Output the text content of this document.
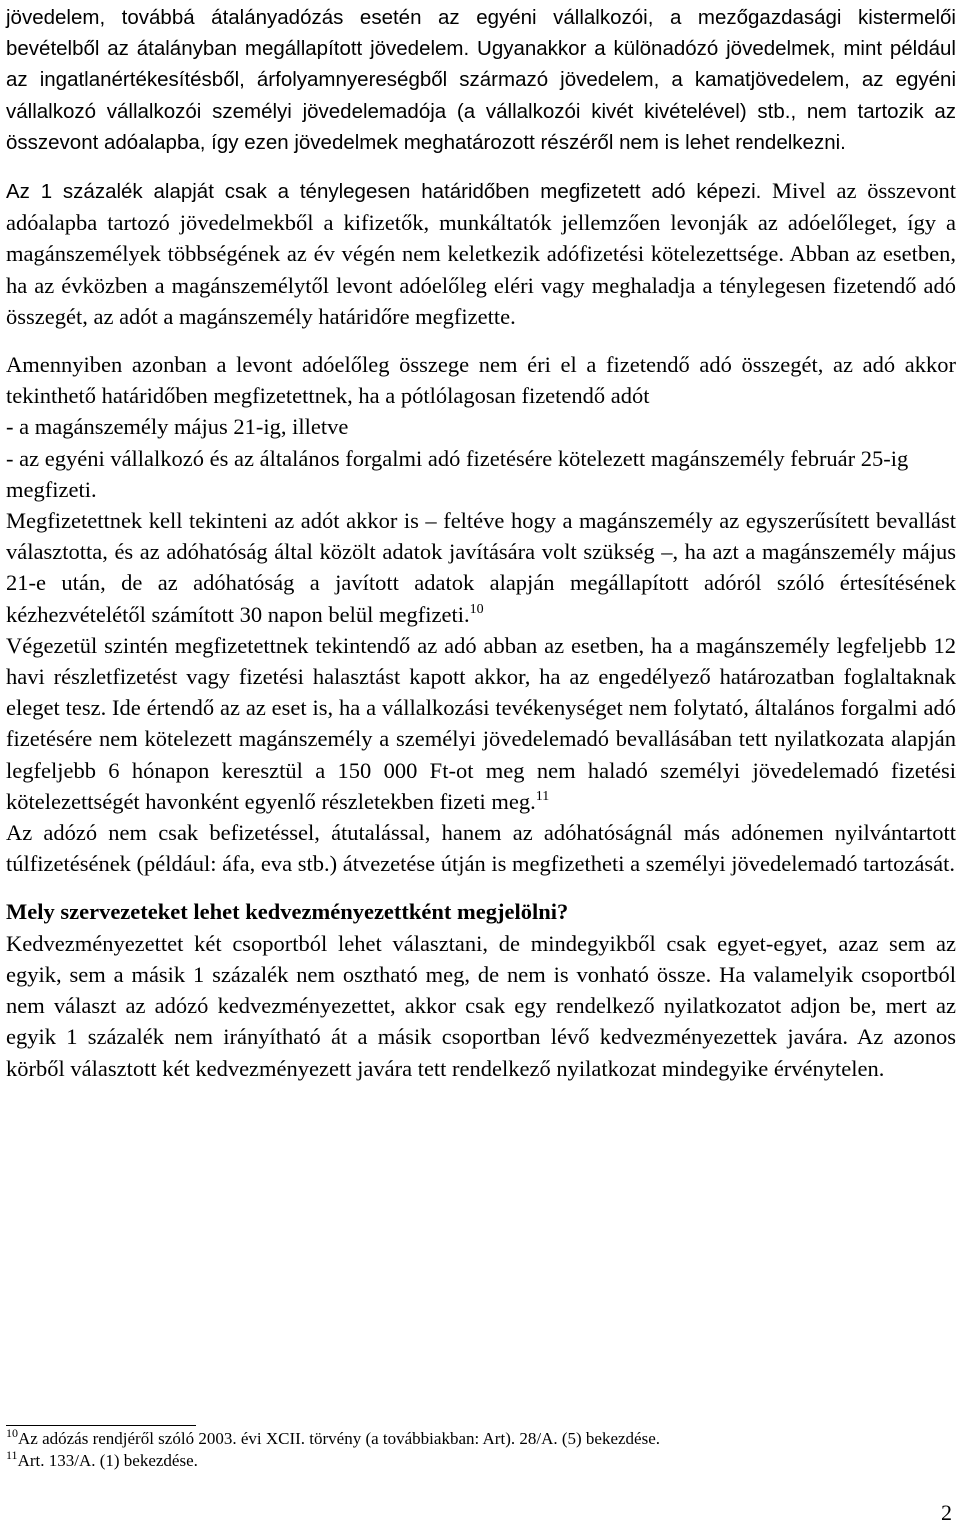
jövedelem, továbbá átalányadózás esetén az egyéni vállalkozói, a mezőgazdasági kistermelői bevételből az átalányban megállapított jövedelem. Ugyanakkor a különadózó jövedelmek, mint például az ingatlanértékesítésből, árfolyamnyereségből származó jövedelem, a kamatjövedelem, az egyéni vállalkozó vállalkozói személyi jövedelemadója (a vállalkozói kivét kivételével) stb., nem tartozik az összevont adóalapba, így ezen jövedelmek meghatározott részéről nem is lehet rendelkezni.

Az 1 százalék alapját csak a ténylegesen határidőben megfizetett adó képezi. Mivel az összevont adóalapba tartozó jövedelmekből a kifizetők, munkáltatók jellemzően levonják az adóelőleget, így a magánszemélyek többségének az év végén nem keletkezik adófizetési kötelezettsége. Abban az esetben, ha az évközben a magánszemélytől levont adóelőleg eléri vagy meghaladja a ténylegesen fizetendő adó összegét, az adót a magánszemély határidőre megfizette.

Amennyiben azonban a levont adóelőleg összege nem éri el a fizetendő adó összegét, az adó akkor tekinthető határidőben megfizetettnek, ha a pótlólagosan fizetendő adót

- a magánszemély május 21-ig, illetve

- az egyéni vállalkozó és az általános forgalmi adó fizetésére kötelezett magánszemély február 25-ig

megfizeti.

Megfizetettnek kell tekinteni az adót akkor is – feltéve hogy a magánszemély az egyszerűsített bevallást választotta, és az adóhatóság által közölt adatok javítására volt szükség –, ha azt a magánszemély május 21-e után, de az adóhatóság a javított adatok alapján megállapított adóról szóló értesítésének kézhezvételétől számított 30 napon belül megfizeti.$^{10}$

Végezetül szintén megfizetettnek tekintendő az adó abban az esetben, ha a magánszemély legfeljebb 12 havi részletfizetést vagy fizetési halasztást kapott akkor, ha az engedélyező határozatban foglaltaknak eleget tesz. Ide értendő az az eset is, ha a vállalkozási tevékenységet nem folytató, általános forgalmi adó fizetésére nem kötelezett magánszemély a személyi jövedelemadó bevallásában tett nyilatkozata alapján legfeljebb 6 hónapon keresztül a 150 000 Ft-ot meg nem haladó személyi jövedelemadó fizetési kötelezettségét havonként egyenlő részletekben fizeti meg.$^{11}$

Az adózó nem csak befizetéssel, átutalással, hanem az adóhatóságnál más adónemen nyilvántartott túlfizetésének (például: áfa, eva stb.) átvezetése útján is megfizetheti a személyi jövedelemadó tartozását.

Mely szervezeteket lehet kedvezményezettként megjelölni?

Kedvezményezettet két csoportból lehet választani, de mindegyikből csak egyet-egyet, azaz sem az egyik, sem a másik 1 százalék nem osztható meg, de nem is vonható össze. Ha valamelyik csoportból nem választ az adózó kedvezményezettet, akkor csak egy rendelkező nyilatkozatot adjon be, mert az egyik 1 százalék nem irányítható át a másik csoportban lévő kedvezményezettek javára. Az azonos körből választott két kedvezményezett javára tett rendelkező nyilatkozat mindegyike érvénytelen.

$^{10}$Az adózás rendjéről szóló 2003. évi XCII. törvény (a továbbiakban: Art). 28/A. (5) bekezdése.

$^{11}$Art. 133/A. (1) bekezdése.

2
